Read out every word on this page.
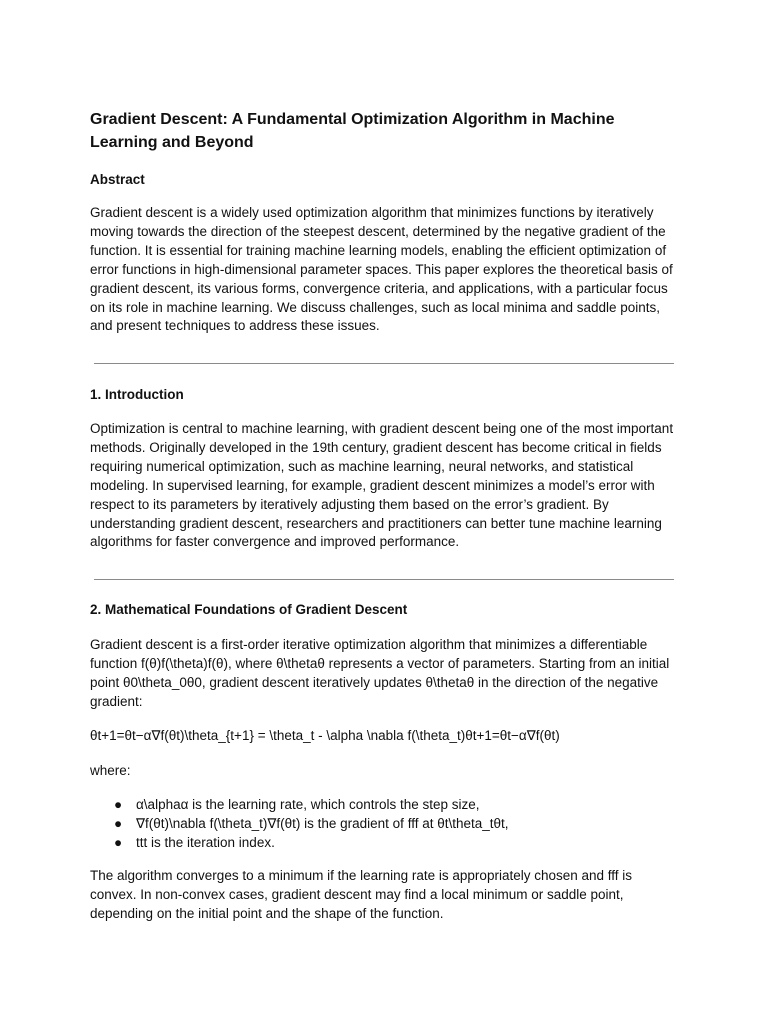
Gradient Descent: A Fundamental Optimization Algorithm in Machine Learning and Beyond
Abstract

Gradient descent is a widely used optimization algorithm that minimizes functions by iteratively moving towards the direction of the steepest descent, determined by the negative gradient of the function. It is essential for training machine learning models, enabling the efficient optimization of error functions in high-dimensional parameter spaces. This paper explores the theoretical basis of gradient descent, its various forms, convergence criteria, and applications, with a particular focus on its role in machine learning. We discuss challenges, such as local minima and saddle points, and present techniques to address these issues.

1. Introduction

Optimization is central to machine learning, with gradient descent being one of the most important methods. Originally developed in the 19th century, gradient descent has become critical in fields requiring numerical optimization, such as machine learning, neural networks, and statistical modeling. In supervised learning, for example, gradient descent minimizes a model’s error with respect to its parameters by iteratively adjusting them based on the error’s gradient. By understanding gradient descent, researchers and practitioners can better tune machine learning algorithms for faster convergence and improved performance.

2. Mathematical Foundations of Gradient Descent

Gradient descent is a first-order iterative optimization algorithm that minimizes a differentiable function f(θ)f(\theta)f(θ), where θ\thetaθ represents a vector of parameters. Starting from an initial point θ0\theta_0θ0, gradient descent iteratively updates θ\thetaθ in the direction of the negative gradient:

θt+1=θt−α∇f(θt)\theta_{t+1} = \theta_t - \alpha \nabla f(\theta_t)θt+1=θt−α∇f(θt)

where:

● α\alphaα is the learning rate, which controls the step size,
● ∇f(θt)\nabla f(\theta_t)∇f(θt) is the gradient of fff at θt\theta_tθt,
● ttt is the iteration index.

The algorithm converges to a minimum if the learning rate is appropriately chosen and fff is convex. In non-convex cases, gradient descent may find a local minimum or saddle point, depending on the initial point and the shape of the function.
